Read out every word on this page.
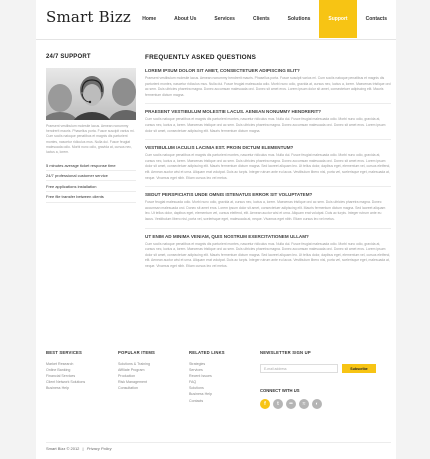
Smart Bizz	Home	About Us	Services	Clients	Solutions	Support	Contacts
24/7 SUPPORT
Praesent vestibulum molestie lacus. Aenean nonummy hendrerit mauris. Phasellus porta. Fusce suscipit varius mi. Cum sociis natoque penatibus et magnis dis parturient montes, nascetur ridiculus mus. Nulla dui. Fusce feugiat malesuada odio. Morbi nunc odio, gravida at, cursus nec, luctus a, lorem.
5 minutes average ticket response time
24/7 professional customer service
Free applications installation
Free file transfer between clients
FREQUENTLY ASKED QUESTIONS
LOREM IPSUM DOLOR SIT AMET, CONSECTETUER ADIPISCING ELIT?
Praesent vestibulum molestie lacus. Aenean nonummy hendrerit mauris. Phasellus porta. Fusce suscipit varius mi. Cum sociis natoque penatibus et magnis dis parturient montes, nascetur ridiculus mus. Nulla dui. Fusce feugiat malesuada odio. Morbi nunc odio, gravida at, cursus nec, luctus a, lorem. Maecenas tristique orci ac sem. Duis ultricies pharetra magna. Donec accumsan malesuada orci. Donec sit amet eros. Lorem ipsum dolor sit amet, consectetuer adipiscing elit. Mauris fermentum dictum magna.
PRAESENT VESTIBULUM MOLESTIE LACUS. AENEAN NONUMMY HENDRERIT?
Cum sociis natoque penatibus et magnis dis parturient montes, nascetur ridiculus mus. Nulla dui. Fusce feugiat malesuada odio. Morbi nunc odio, gravida at, cursus nec, luctus a, lorem. Maecenas tristique orci ac sem. Duis ultricies pharetra magna. Donec accumsan malesuada orci. Donec sit amet eros. Lorem ipsum dolor sit amet, consectetuer adipiscing elit. Mauris fermentum dictum magna.
VESTIBULUM IACULIS LACINIA EST. PROIN DICTUM ELEMENTUM?
Cum sociis natoque penatibus et magnis dis parturient montes, nascetur ridiculus mus. Nulla dui. Fusce feugiat malesuada odio. Morbi nunc odio, gravida at, cursus nec, luctus a, lorem. Maecenas tristique orci ac sem. Duis ultricies pharetra magna. Donec accumsan malesuada orci. Donec sit amet eros. Lorem ipsum dolor sit amet, consectetuer adipiscing elit. Mauris fermentum dictum magna. Sed laoreet aliquam leo. Ut tellus dolor, dapibus eget, elementum vel, cursus eleifend, elit. Aenean auctor wisi et urna. Aliquam erat volutpat. Duis ac turpis. Integer rutrum ante eu lacus. Vestibulum libero nisl, porta vel, scelerisque eget, malesuada at, neque. Vivamus eget nibh. Etiam cursus leo vel metus.
SEDUT PERSPICIATIS UNDE OMNIS ISTENATUS ERROR SIT VOLUPTATEM?
Fusce feugiat malesuada odio. Morbi nunc odio, gravida at, cursus nec, luctus a, lorem. Maecenas tristique orci ac sem. Duis ultricies pharetra magna. Donec accumsan malesuada orci. Donec sit amet eros. Lorem ipsum dolor sit amet, consectetuer adipiscing elit. Mauris fermentum dictum magna. Sed laoreet aliquam leo. Ut tellus dolor, dapibus eget, elementum vel, cursus eleifend, elit. Aenean auctor wisi et urna. Aliquam erat volutpat. Duis ac turpis. Integer rutrum ante eu lacus. Vestibulum libero nisl, porta vel, scelerisque eget, malesuada at, neque. Vivamus eget nibh. Etiam cursus leo vel metus.
UT ENIM AD MINIMA VENIAM, QUIS NOSTRUM EXERCITATIONEM ULLAM?
Cum sociis natoque penatibus et magnis dis parturient montes, nascetur ridiculus mus. Nulla dui. Fusce feugiat malesuada odio. Morbi nunc odio, gravida at, cursus nec, luctus a, lorem. Maecenas tristique orci ac sem. Duis ultricies pharetra magna. Donec accumsan malesuada orci. Donec sit amet eros. Lorem ipsum dolor sit amet, consectetuer adipiscing elit. Mauris fermentum dictum magna. Sed laoreet aliquam leo. Ut tellus dolor, dapibus eget, elementum vel, cursus eleifend, elit. Aenean auctor wisi et urna. Aliquam erat volutpat. Duis ac turpis. Integer rutrum ante eu lacus. Vestibulum libero nisl, porta vel, scelerisque eget, malesuada at, neque. Vivamus eget nibh. Etiam cursus leo vel metus.
BEST SERVICES
Market Research
Online Banking
Financial Services
Client Network Solutions
Business Help
POPULAR ITEMS
Solutions & Training
Affiliate Program
Production
Risk Management
Consultation
RELATED LINKS
Strategies
Services
Recent Issues
FAQ
Solutions
Business Help
Contacts
NEWSLETTER SIGN UP
E-mail address	Subscribe
CONNECT WITH US
f	t	••	≈	◐
Smart Bizz © 2012 | Privacy Policy
